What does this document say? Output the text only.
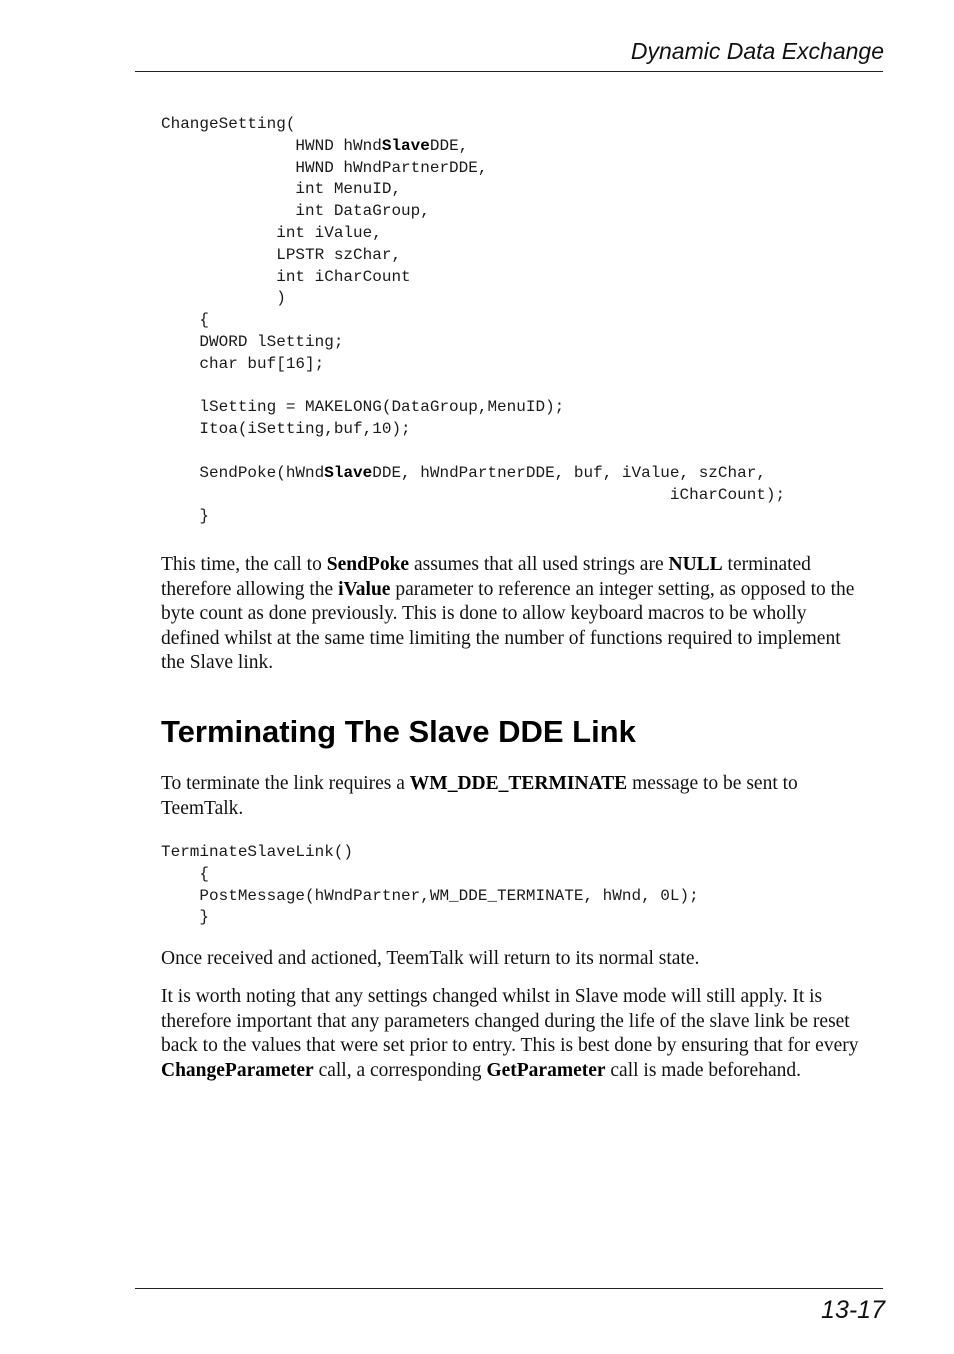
Dynamic Data Exchange
ChangeSetting(
HWND hWndSlaveDDE,
HWND hWndPartnerDDE,
int MenuID,
int DataGroup,
int iValue,
LPSTR szChar,
int iCharCount
)
{
DWORD lSetting;
char buf[16];
lSetting = MAKELONG(DataGroup,MenuID);
Itoa(iSetting,buf,10);
SendPoke(hWndSlaveDDE, hWndPartnerDDE, buf, iValue, szChar,
iCharCount);
}

This time, the call to SendPoke assumes that all used strings are NULL terminated therefore allowing the iValue parameter to reference an integer setting, as opposed to the byte count as done previously. This is done to allow keyboard macros to be wholly defined whilst at the same time limiting the number of functions required to implement the Slave link.

Terminating The Slave DDE Link

To terminate the link requires a WM_DDE_TERMINATE message to be sent to TeemTalk.

TerminateSlaveLink()
{
PostMessage(hWndPartner,WM_DDE_TERMINATE, hWnd, 0L);
}

Once received and actioned, TeemTalk will return to its normal state.

It is worth noting that any settings changed whilst in Slave mode will still apply. It is therefore important that any parameters changed during the life of the slave link be reset back to the values that were set prior to entry. This is best done by ensuring that for every ChangeParameter call, a corresponding GetParameter call is made beforehand.

13-17
